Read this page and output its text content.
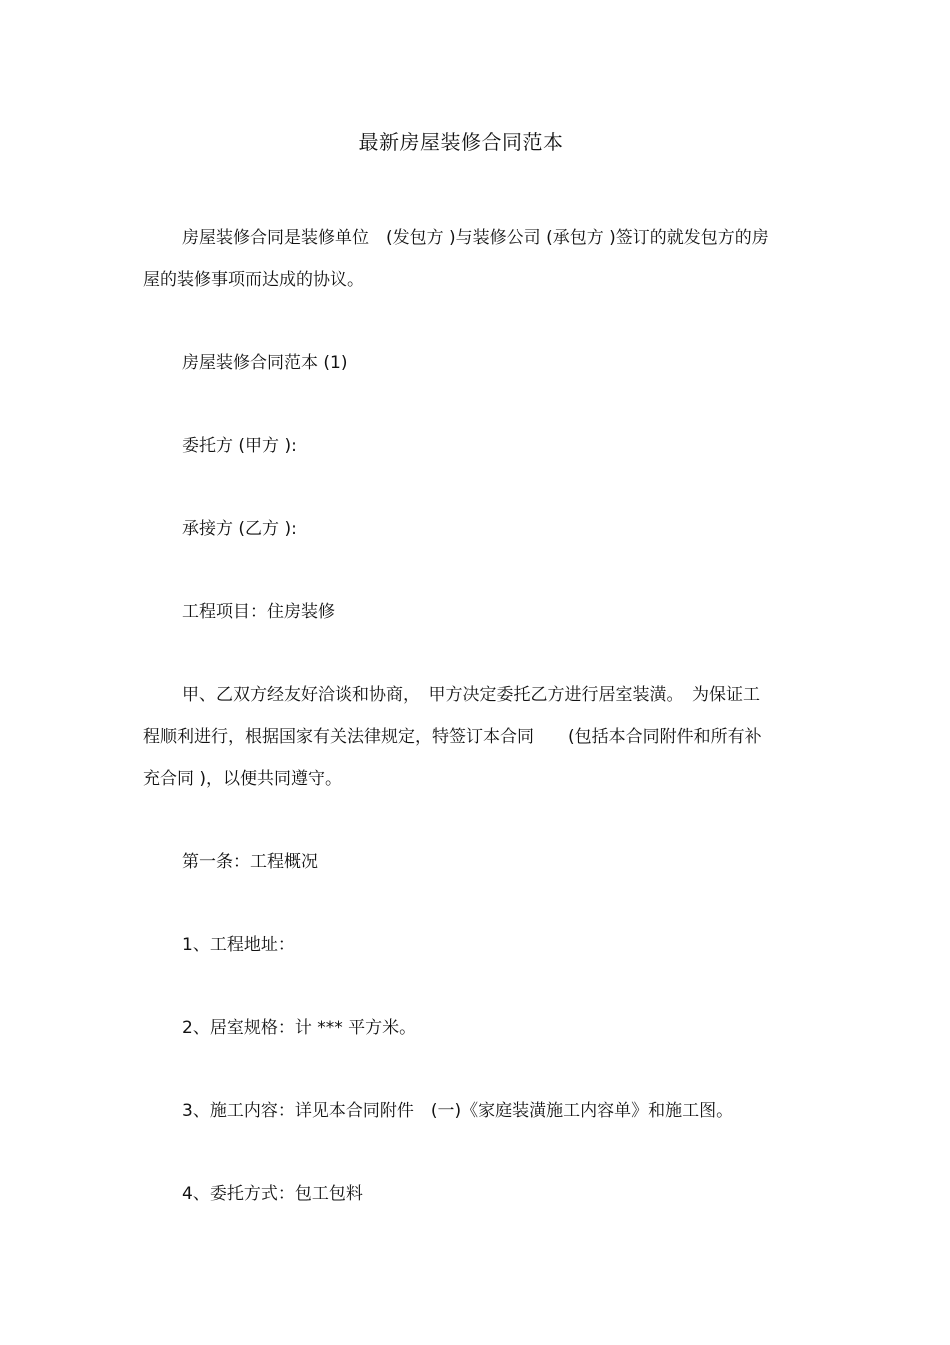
最新房屋装修合同范本
房屋装修合同是装修单位　(发包方 )与装修公司 (承包方 )签订的就发包方的房
屋的装修事项而达成的协议。
房屋装修合同范本 (1)
委托方 (甲方 ):
承接方 (乙方 ):
工程项目：住房装修
甲、乙双方经友好洽谈和协商，　甲方决定委托乙方进行居室装潢。　为保证工
程顺利进行，根据国家有关法律规定，特签订本合同　　(包括本合同附件和所有补
充合同 )，以便共同遵守。
第一条：工程概况
1、工程地址：
2、居室规格：计 *** 平方米。
3、施工内容：详见本合同附件　(一)《家庭装潢施工内容单》和施工图。
4、委托方式：包工包料
